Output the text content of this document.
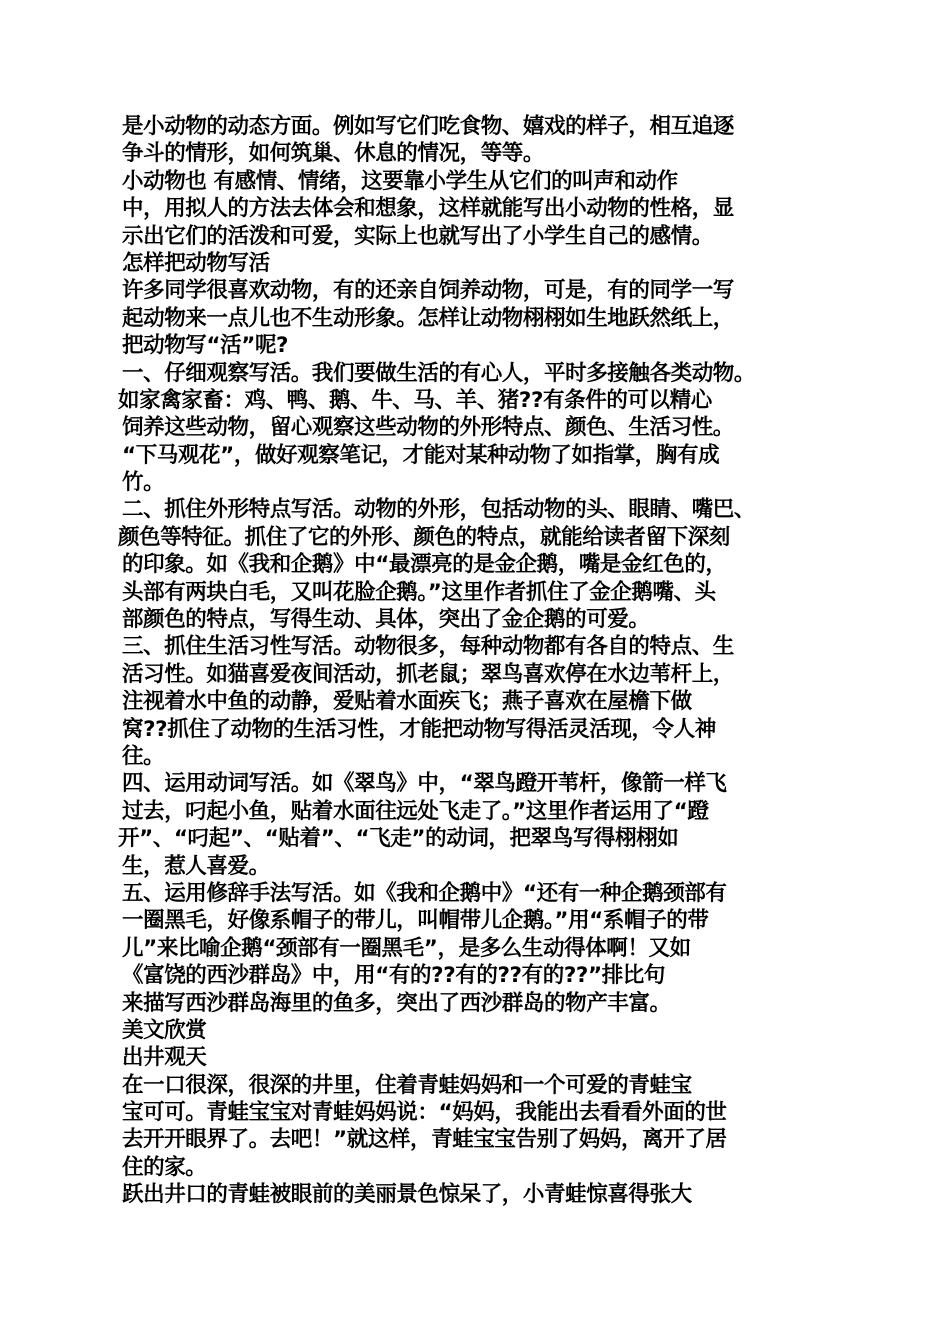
是小动物的动态方面。例如写它们吃食物、嬉戏的样子，相互追逐
争斗的情形，如何筑巢、休息的情况，等等。
小动物也 有感情、情绪，这要靠小学生从它们的叫声和动作
中，用拟人的方法去体会和想象，这样就能写出小动物的性格，显
示出它们的活泼和可爱，实际上也就写出了小学生自己的感情。
怎样把动物写活
许多同学很喜欢动物，有的还亲自饲养动物，可是，有的同学一写
起动物来一点儿也不生动形象。怎样让动物栩栩如生地跃然纸上，
把动物写“活”呢?
一、仔细观察写活。我们要做生活的有心人，平时多接触各类动物。
如家禽家畜：鸡、鸭、鹅、牛、马、羊、猪??有条件的可以精心
饲养这些动物，留心观察这些动物的外形特点、颜色、生活习性。
“下马观花”，做好观察笔记，才能对某种动物了如指掌，胸有成
竹。
二、抓住外形特点写活。动物的外形，包括动物的头、眼睛、嘴巴、
颜色等特征。抓住了它的外形、颜色的特点，就能给读者留下深刻
的印象。如《我和企鹅》中“最漂亮的是金企鹅，嘴是金红色的，
头部有两块白毛，又叫花脸企鹅。”这里作者抓住了金企鹅嘴、头
部颜色的特点，写得生动、具体，突出了金企鹅的可爱。
三、抓住生活习性写活。动物很多，每种动物都有各自的特点、生
活习性。如猫喜爱夜间活动，抓老鼠；翠鸟喜欢停在水边苇杆上，
注视着水中鱼的动静，爱贴着水面疾飞；燕子喜欢在屋檐下做
窝??抓住了动物的生活习性，才能把动物写得活灵活现，令人神
往。
四、运用动词写活。如《翠鸟》中，“翠鸟蹬开苇杆，像箭一样飞
过去，叼起小鱼，贴着水面往远处飞走了。”这里作者运用了“蹬
开”、“叼起”、“贴着”、“飞走”的动词，把翠鸟写得栩栩如
生，惹人喜爱。
五、运用修辞手法写活。如《我和企鹅中》“还有一种企鹅颈部有
一圈黑毛，好像系帽子的带儿，叫帽带儿企鹅。”用“系帽子的带
儿”来比喻企鹅“颈部有一圈黑毛”，是多么生动得体啊！又如
《富饶的西沙群岛》中，用“有的??有的??有的??”排比句
来描写西沙群岛海里的鱼多，突出了西沙群岛的物产丰富。
美文欣赏
出井观天
在一口很深，很深的井里，住着青蛙妈妈和一个可爱的青蛙宝
宝可可。青蛙宝宝对青蛙妈妈说：“妈妈，我能出去看看外面的世
去开开眼界了。去吧！”就这样，青蛙宝宝告别了妈妈，离开了居
住的家。
跃出井口的青蛙被眼前的美丽景色惊呆了，小青蛙惊喜得张大
